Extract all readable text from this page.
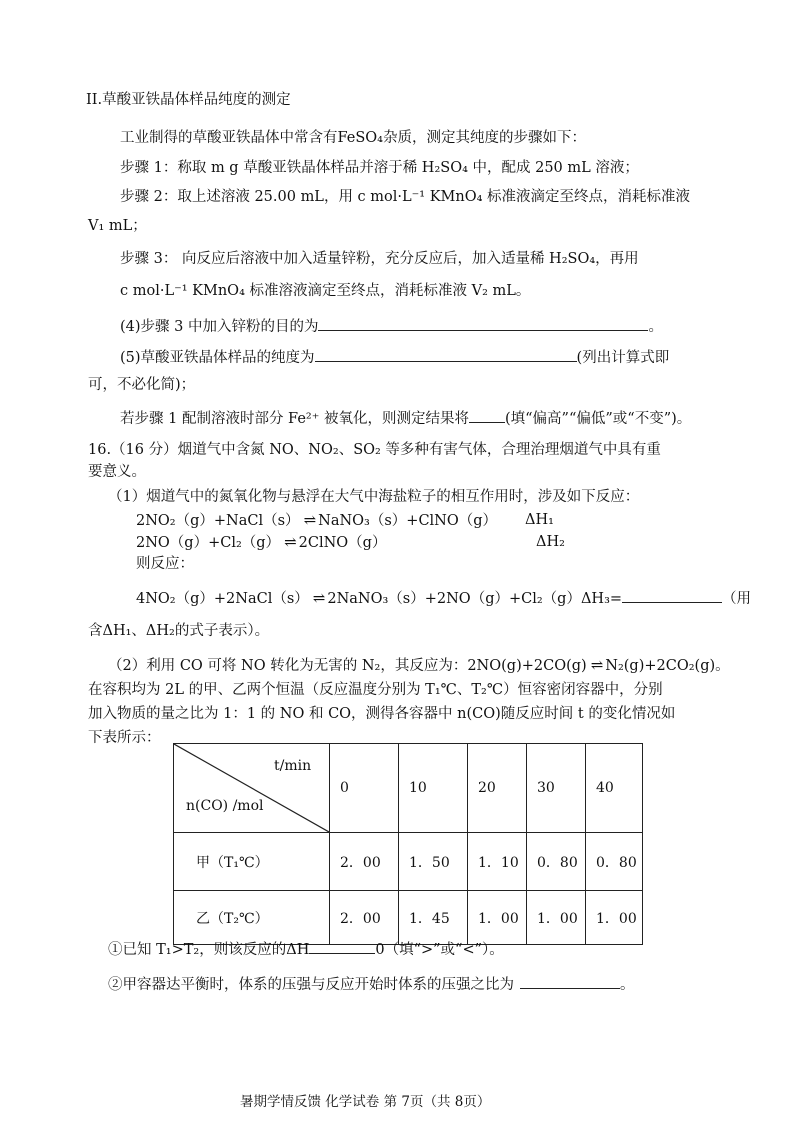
II.草酸亚铁晶体样品纯度的测定
工业制得的草酸亚铁晶体中常含有FeSO₄杂质，测定其纯度的步骤如下：
步骤 1：称取 m g 草酸亚铁晶体样品并溶于稀 H₂SO₄ 中，配成 250 mL 溶液；
步骤 2：取上述溶液 25.00 mL，用 c mol·L⁻¹ KMnO₄ 标准液滴定至终点，消耗标准液
V₁ mL；
步骤 3： 向反应后溶液中加入适量锌粉，充分反应后，加入适量稀 H₂SO₄，再用
c mol·L⁻¹ KMnO₄ 标准溶液滴定至终点，消耗标准液 V₂ mL。
(4)步骤 3 中加入锌粉的目的为	。
(5)草酸亚铁晶体样品的纯度为	(列出计算式即
可，不必化简)；
若步骤 1 配制溶液时部分 Fe²⁺ 被氧化，则测定结果将 (填“偏高”“偏低”或“不变”)。
16.（16 分）烟道气中含氮 NO、NO₂、SO₂ 等多种有害气体，合理治理烟道气中具有重
要意义。
（1）烟道气中的氮氧化物与悬浮在大气中海盐粒子的相互作用时，涉及如下反应：
2NO₂（g）+NaCl（s） ⇌ NaNO₃（s）+ClNO（g） ΔH₁
2NO（g）+Cl₂（g） ⇌ 2ClNO（g）	ΔH₂
则反应：
4NO₂（g）+2NaCl（s） ⇌ 2NaNO₃（s）+2NO（g）+Cl₂（g）ΔH₃=	（用
含ΔH₁、ΔH₂的式子表示）。
（2）利用 CO 可将 NO 转化为无害的 N₂，其反应为：2NO(g)+2CO(g) ⇌ N₂(g)+2CO₂(g)。
在容积均为 2L 的甲、乙两个恒温（反应温度分别为 T₁℃、T₂℃）恒容密闭容器中，分别
加入物质的量之比为 1：1 的 NO 和 CO，测得各容器中 n(CO)随反应时间 t 的变化情况如
下表所示：
t/min
n(CO) /mol	0	10	20	30	40
甲（T₁℃）	2．00	1．50	1．10	0．80	0．80
乙（T₂℃）	2．00	1．45	1．00	1．00	1．00
①已知 T₁>T₂，则该反应的ΔH	0（填“>”或“<”）。
②甲容器达平衡时，体系的压强与反应开始时体系的压强之比为	。
暑期学情反馈 化学试卷 第 7页（共 8页）
